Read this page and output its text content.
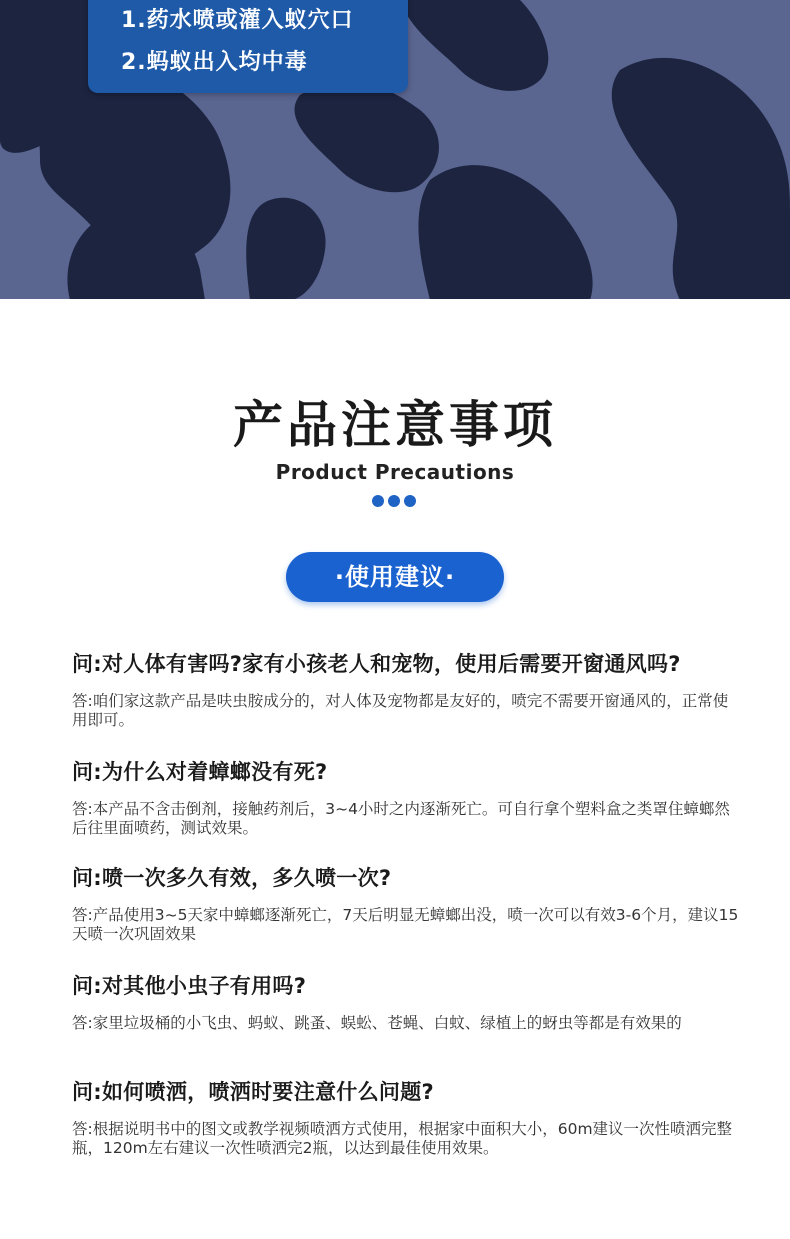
1.药水喷或灌入蚁穴口
2.蚂蚁出入均中毒
产品注意事项
Product Precautions
·使用建议·
问:对人体有害吗?家有小孩老人和宠物，使用后需要开窗通风吗?
答:咱们家这款产品是呋虫胺成分的，对人体及宠物都是友好的，喷完不需要开窗通风的，正常使用即可。
问:为什么对着蟑螂没有死?
答:本产品不含击倒剂，接触药剂后，3~4小时之内逐渐死亡。可自行拿个塑料盒之类罩住蟑螂然后往里面喷药，测试效果。
问:喷一次多久有效，多久喷一次?
答:产品使用3~5天家中蟑螂逐渐死亡，7天后明显无蟑螂出没，喷一次可以有效3-6个月，建议15天喷一次巩固效果
问:对其他小虫子有用吗?
答:家里垃圾桶的小飞虫、蚂蚁、跳蚤、蜈蚣、苍蝇、白蚊、绿植上的蚜虫等都是有效果的
问:如何喷洒，喷洒时要注意什么问题?
答:根据说明书中的图文或教学视频喷洒方式使用，根据家中面积大小，60m建议一次性喷洒完整瓶，120m左右建议一次性喷洒完2瓶，以达到最佳使用效果。
